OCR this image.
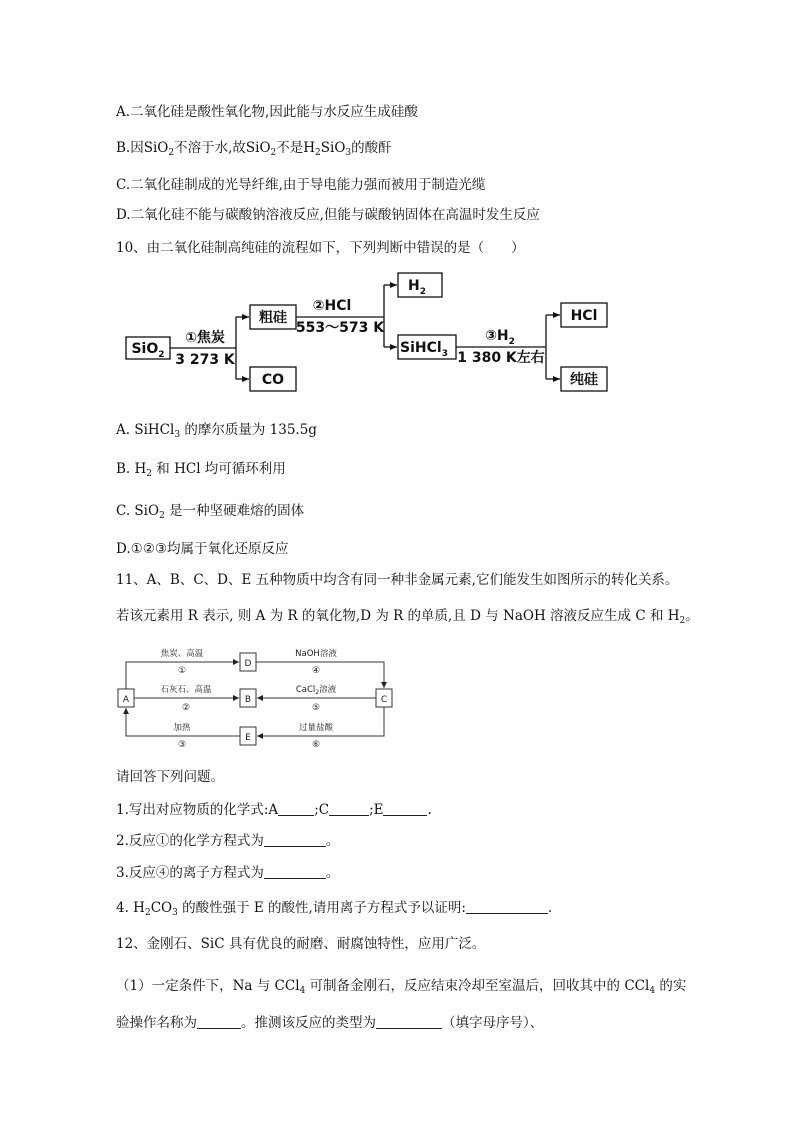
A.二氧化硅是酸性氧化物,因此能与水反应生成硅酸
B.因SiO$_2$不溶于水,故SiO$_2$不是$H_2SiO_3$的酸酐
C.二氧化硅制成的光导纤维,由于导电能力强而被用于制造光缆
D.二氧化硅不能与碳酸钠溶液反应,但能与碳酸钠固体在高温时发生反应
10、由二氧化硅制高纯硅的流程如下，下列判断中错误的是（　　）
SiO$_2$
①焦炭
3 273 K
粗硅
CO
②HCl
553～573 K
$H_2$
SiHCl$_3$
$③H_2$
1 380 K左右
HCl
纯硅
A. SiHCl$_3$ 的摩尔质量为 135.5g
B. $H_2$ 和 HCl 均可循环利用
C. SiO$_2$ 是一种坚硬难熔的固体
D.①②③均属于氧化还原反应
11、A、B、C、D、E 五种物质中均含有同一种非金属元素,它们能发生如图所示的转化关系。
若该元素用 R 表示, 则 A 为 R 的氧化物,D 为 R 的单质,且 D 与 NaOH 溶液反应生成 C 和 $H_2$。
A	B	C
D
E
焦炭、高温
①
石灰石、高温
②
加热
③
NaOH溶液
④
CaCl$_2$溶液
⑤
过量盐酸
⑥
请回答下列问题。
1.写出对应物质的化学式:A	;C	;E	.
2.反应①的化学方程式为	。
3.反应④的离子方程式为	。
4. $H_2CO_3$ 的酸性强于 E 的酸性,请用离子方程式予以证明:	.
12、金刚石、SiC 具有优良的耐磨、耐腐蚀特性，应用广泛。
（1）一定条件下，Na 与 CCl$_4$ 可制备金刚石，反应结束冷却至室温后，回收其中的 CCl$_4$ 的实
验操作名称为	。推测该反应的类型为	（填字母序号）、
